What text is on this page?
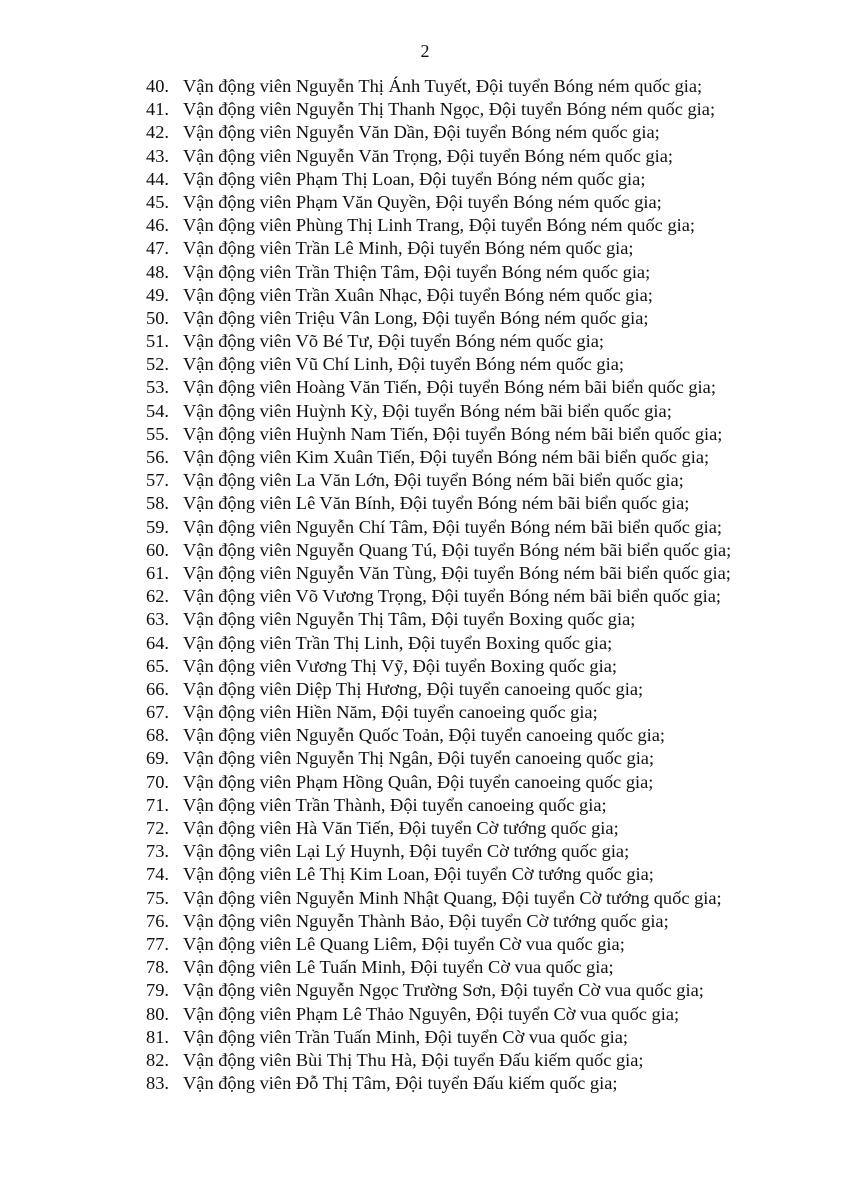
2
40. Vận động viên Nguyễn Thị Ánh Tuyết, Đội tuyển Bóng ném quốc gia;
41. Vận động viên Nguyễn Thị Thanh Ngọc, Đội tuyển Bóng ném quốc gia;
42. Vận động viên Nguyễn Văn Dần, Đội tuyển Bóng ném quốc gia;
43. Vận động viên Nguyễn Văn Trọng, Đội tuyển Bóng ném quốc gia;
44. Vận động viên Phạm Thị Loan, Đội tuyển Bóng ném quốc gia;
45. Vận động viên Phạm Văn Quyền, Đội tuyển Bóng ném quốc gia;
46. Vận động viên Phùng Thị Linh Trang, Đội tuyển Bóng ném quốc gia;
47. Vận động viên Trần Lê Minh, Đội tuyển Bóng ném quốc gia;
48. Vận động viên Trần Thiện Tâm, Đội tuyển Bóng ném quốc gia;
49. Vận động viên Trần Xuân Nhạc, Đội tuyển Bóng ném quốc gia;
50. Vận động viên Triệu Vân Long, Đội tuyển Bóng ném quốc gia;
51. Vận động viên Võ Bé Tư, Đội tuyển Bóng ném quốc gia;
52. Vận động viên Vũ Chí Linh, Đội tuyển Bóng ném quốc gia;
53. Vận động viên Hoàng Văn Tiến, Đội tuyển Bóng ném bãi biển quốc gia;
54. Vận động viên Huỳnh Kỳ, Đội tuyển Bóng ném bãi biển quốc gia;
55. Vận động viên Huỳnh Nam Tiến, Đội tuyển Bóng ném bãi biển quốc gia;
56. Vận động viên Kim Xuân Tiến, Đội tuyển Bóng ném bãi biển quốc gia;
57. Vận động viên La Văn Lớn, Đội tuyển Bóng ném bãi biển quốc gia;
58. Vận động viên Lê Văn Bính, Đội tuyển Bóng ném bãi biển quốc gia;
59. Vận động viên Nguyễn Chí Tâm, Đội tuyển Bóng ném bãi biển quốc gia;
60. Vận động viên Nguyễn Quang Tú, Đội tuyển Bóng ném bãi biển quốc gia;
61. Vận động viên Nguyễn Văn Tùng, Đội tuyển Bóng ném bãi biển quốc gia;
62. Vận động viên Võ Vương Trọng, Đội tuyển Bóng ném bãi biển quốc gia;
63. Vận động viên Nguyễn Thị Tâm, Đội tuyển Boxing quốc gia;
64. Vận động viên Trần Thị Linh, Đội tuyển Boxing quốc gia;
65. Vận động viên Vương Thị Vỹ, Đội tuyển Boxing quốc gia;
66. Vận động viên Diệp Thị Hương, Đội tuyển canoeing quốc gia;
67. Vận động viên Hiền Năm, Đội tuyển canoeing quốc gia;
68. Vận động viên Nguyễn Quốc Toản, Đội tuyển canoeing quốc gia;
69. Vận động viên Nguyễn Thị Ngân, Đội tuyển canoeing quốc gia;
70. Vận động viên Phạm Hồng Quân, Đội tuyển canoeing quốc gia;
71. Vận động viên Trần Thành, Đội tuyển canoeing quốc gia;
72. Vận động viên Hà Văn Tiến, Đội tuyển Cờ tướng quốc gia;
73. Vận động viên Lại Lý Huynh, Đội tuyển Cờ tướng quốc gia;
74. Vận động viên Lê Thị Kim Loan, Đội tuyển Cờ tướng quốc gia;
75. Vận động viên Nguyễn Minh Nhật Quang, Đội tuyển Cờ tướng quốc gia;
76. Vận động viên Nguyễn Thành Bảo, Đội tuyển Cờ tướng quốc gia;
77. Vận động viên Lê Quang Liêm, Đội tuyển Cờ vua quốc gia;
78. Vận động viên Lê Tuấn Minh, Đội tuyển Cờ vua quốc gia;
79. Vận động viên Nguyễn Ngọc Trường Sơn, Đội tuyển Cờ vua quốc gia;
80. Vận động viên Phạm Lê Thảo Nguyên, Đội tuyển Cờ vua quốc gia;
81. Vận động viên Trần Tuấn Minh, Đội tuyển Cờ vua quốc gia;
82. Vận động viên Bùi Thị Thu Hà, Đội tuyển Đấu kiếm quốc gia;
83. Vận động viên Đỗ Thị Tâm, Đội tuyển Đấu kiếm quốc gia;
